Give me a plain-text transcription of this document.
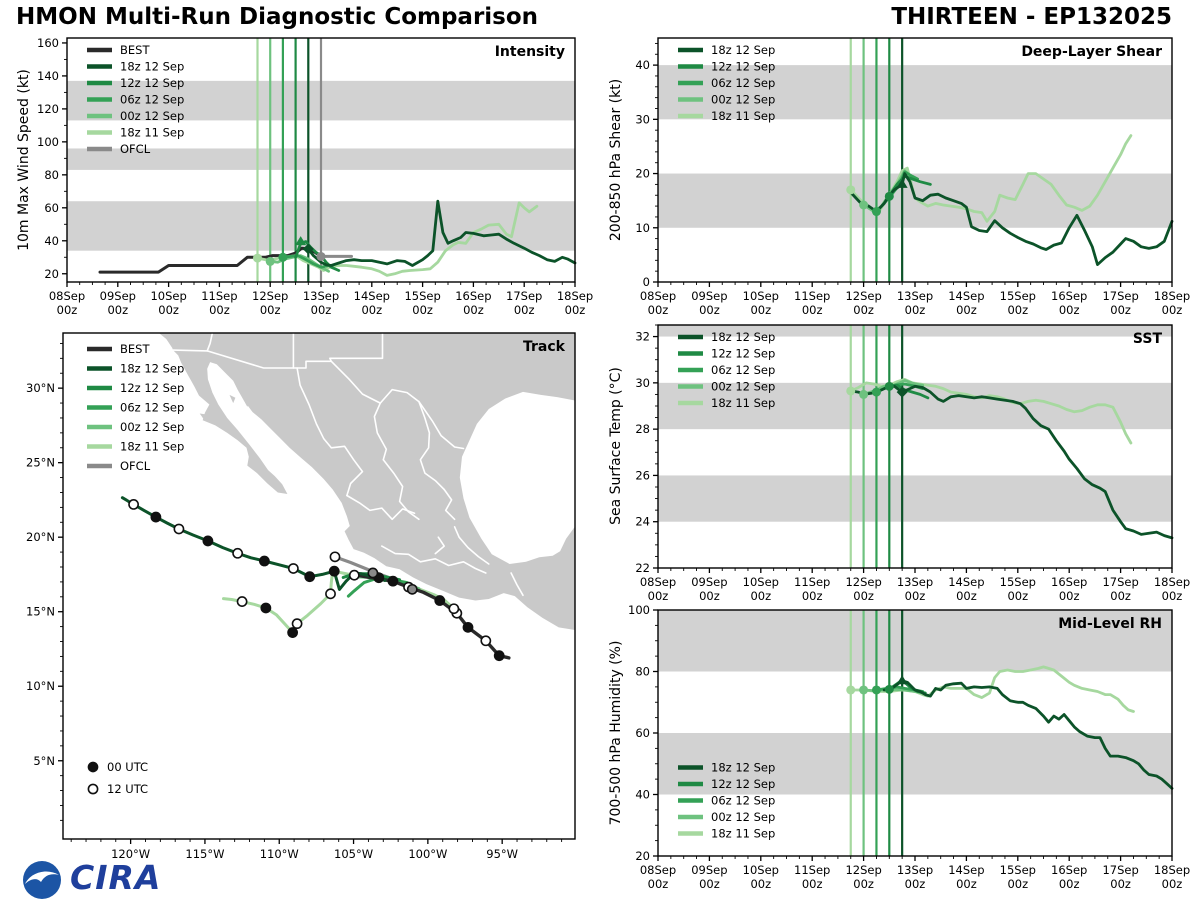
08Sep
00z
09Sep
00z
10Sep
00z
11Sep
00z
12Sep
00z
13Sep
00z
14Sep
00z
15Sep
00z
16Sep
00z
17Sep
00z
18Sep
00z
20
40
60
80
100
120
140
160
BEST
18z 12 Sep
12z 12 Sep
06z 12 Sep
00z 12 Sep
18z 11 Sep
OFCL
08Sep
00z
09Sep
00z
10Sep
00z
11Sep
00z
12Sep
00z
13Sep
00z
14Sep
00z
15Sep
00z
16Sep
00z
17Sep
00z
18Sep
00z
0
10
20
30
40
18z 12 Sep
12z 12 Sep
06z 12 Sep
00z 12 Sep
18z 11 Sep
08Sep
00z
09Sep
00z
10Sep
00z
11Sep
00z
12Sep
00z
13Sep
00z
14Sep
00z
15Sep
00z
16Sep
00z
17Sep
00z
18Sep
00z
22
24
26
28
30
32	18z 12 Sep
12z 12 Sep
06z 12 Sep
00z 12 Sep
18z 11 Sep
08Sep
00z
09Sep
00z
10Sep
00z
11Sep
00z
12Sep
00z
13Sep
00z
14Sep
00z
15Sep
00z
16Sep
00z
17Sep
00z
18Sep
00z
20
40
60
80
100
18z 12 Sep
12z 12 Sep
06z 12 Sep
00z 12 Sep
18z 11 Sep
120°W	115°W	110°W	105°W	100°W	95°W
5°N
10°N
15°N
20°N
25°N
30°N
BEST
18z 12 Sep
12z 12 Sep
06z 12 Sep
00z 12 Sep
18z 11 Sep
OFCL
00 UTC
12 UTC
HMON Multi-Run Diagnostic Comparison	THIRTEEN - EP132025
Intensity	Deep-Layer Shear
SST
Mid-Level RH
Track
10m Max Wind Speed (kt)	200-850 hPa Shear (kt)
Sea Surface Temp (°C)
700-500 hPa Humidity (%)
CIRA
